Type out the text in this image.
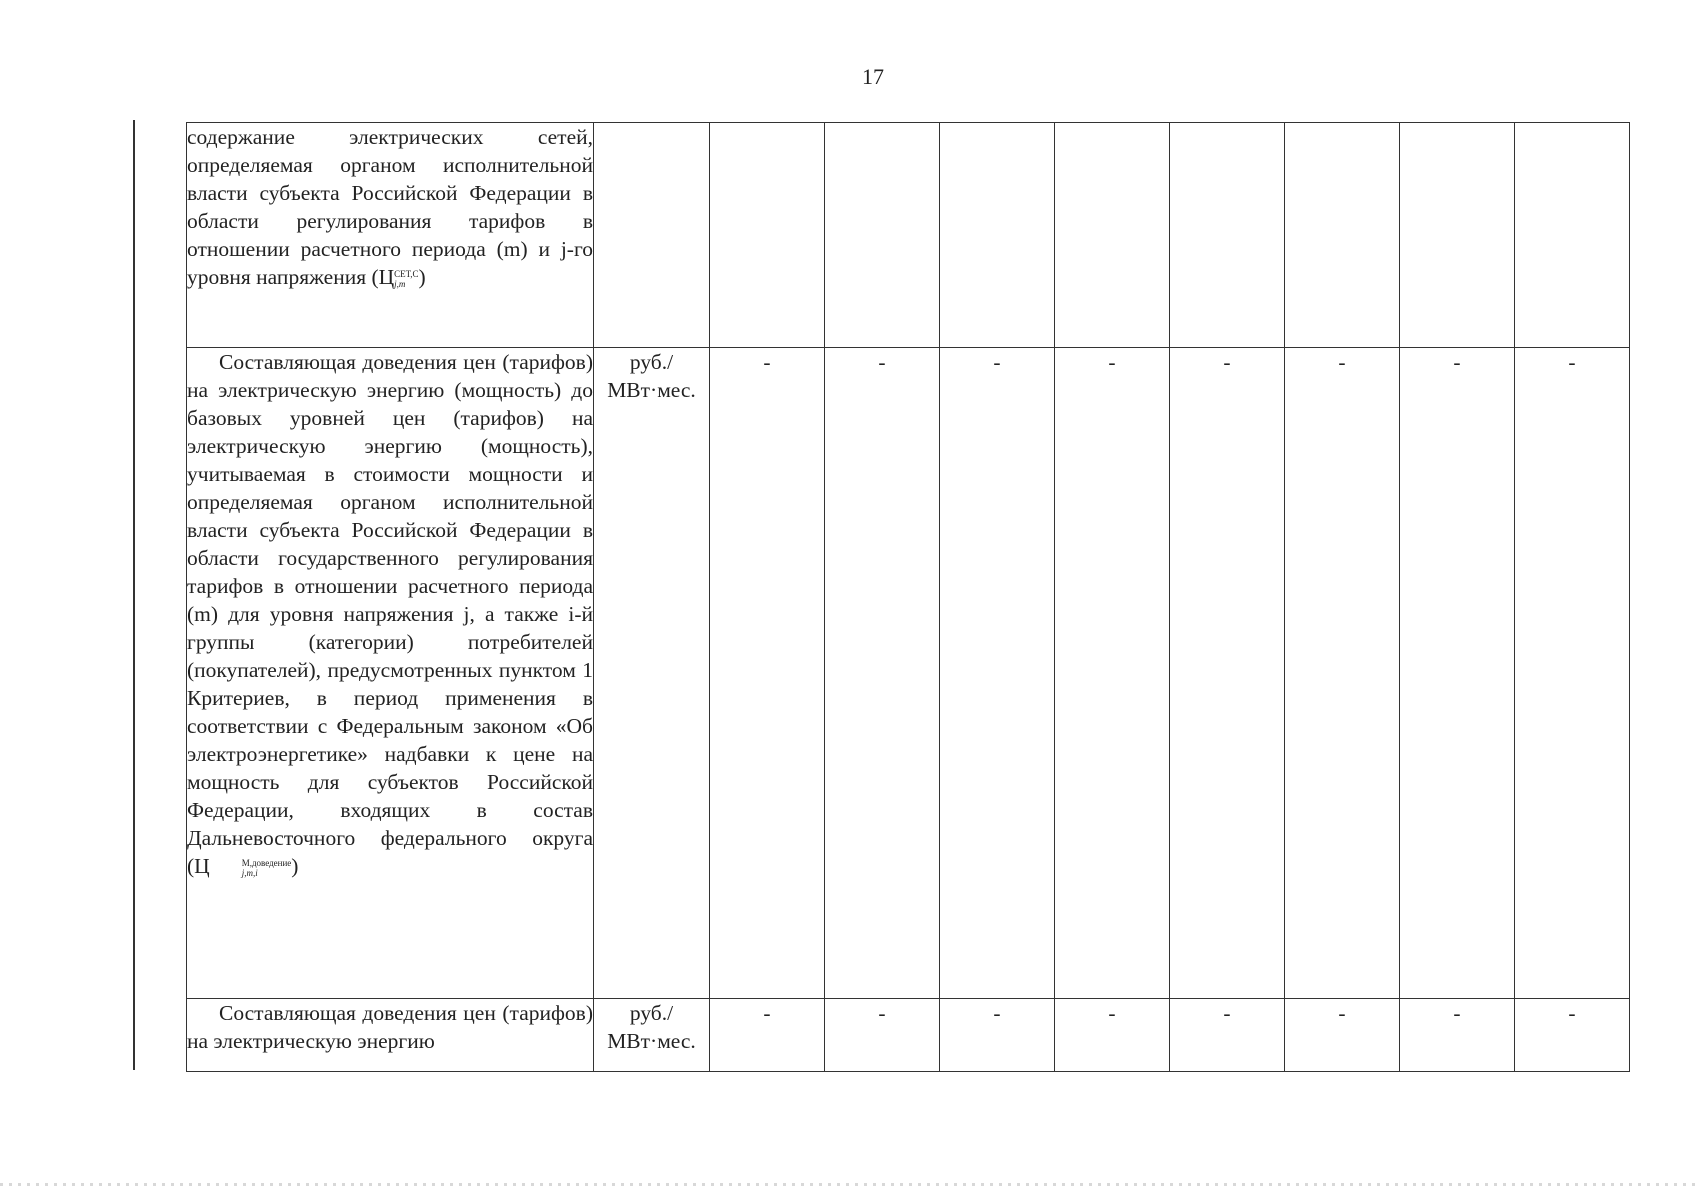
17
содержание электрических сетей, определяемая органом исполнительной власти субъекта Российской Федерации в области регулирования тарифов в отношении расчетного периода (m) и j-го уровня напряжения (Ц СЕТ,С
j,m )									
Составляющая доведения цен (тарифов) на электрическую энергию (мощность) до базовых уровней цен (тарифов) на электрическую энергию (мощность), учитываемая в стоимости мощности и определяемая органом исполнительной власти субъекта Российской Федерации в области государственного регулирования тарифов в отношении расчетного периода (m) для уровня напряжения j, а также i-й группы (категории) потребителей (покупателей), предусмотренных пунктом 1 Критериев, в период применения в соответствии с Федеральным законом «Об электроэнергетике» надбавки к цене на мощность для субъектов Российской Федерации, входящих в состав Дальневосточного федерального округа (Ц М,доведение
j,m,i )	руб./ МВт·мес.	-	-	-	-	-	-	-	-
Составляющая доведения цен (тарифов) на электрическую энергию	руб./ МВт·мес.	-	-	-	-	-	-	-	-
